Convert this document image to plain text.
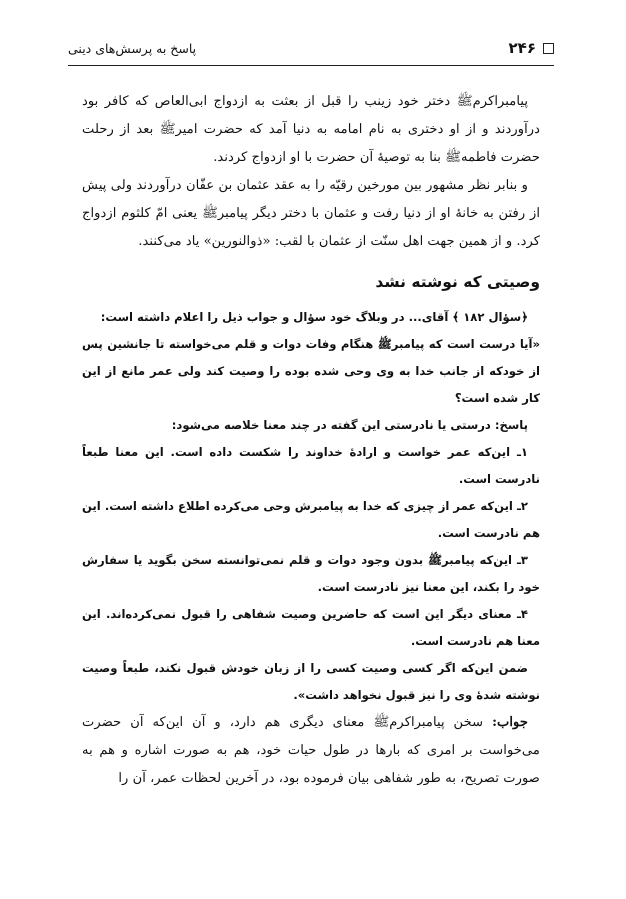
۲۴۶
پاسخ به پرسش‌های دینی

پیامبراکرمﷺ دختر خود زینب را قبل از بعثت به ازدواج ابی‌العاص که کافر بود درآوردند و از او دختری به نام امامه به دنیا آمد که حضرت امیرﷺ بعد از رحلت حضرت فاطمهﷺ بنا به توصیهٔ آن حضرت با او ازدواج کردند.

و بنابر نظر مشهور بین مورخین رقیّه را به عقد عثمان بن عفّان درآوردند ولی پیش از رفتن به خانهٔ او از دنیا رفت و عثمان با دختر دیگر پیامبرﷺ یعنی امّ کلثوم ازدواج کرد. و از همین جهت اهل سنّت از عثمان با لقب: «ذوالنورین» یاد می‌کنند.

وصیتی که نوشته نشد

﴿سؤال ۱۸۲ ﴾ آقای... در وبلاگ خود سؤال و جواب ذیل را اعلام داشته است:

«آیا درست است که پیامبرﷺ هنگام وفات دوات و قلم می‌خواسته تا جانشین پس از خودکه از جانب خدا به وی وحی شده بوده را وصیت کند ولی عمر مانع از این کار شده است؟

پاسخ: درستی یا نادرستی این گفته در چند معنا خلاصه می‌شود:

۱ـ این‌که عمر خواست و ارادهٔ خداوند را شکست داده است. این معنا طبعاً نادرست است.

۲ـ این‌که عمر از چیزی که خدا به پیامبرش وحی می‌کرده اطلاع داشته است. این هم نادرست است.

۳ـ این‌که پیامبرﷺ بدون وجود دوات و قلم نمی‌توانسته سخن بگوید یا سفارش خود را بکند، این معنا نیز نادرست است.

۴ـ معنای دیگر این است که حاضرین وصیت شفاهی را قبول نمی‌کرده‌اند. این معنا هم نادرست است.

ضمن این‌که اگر کسی وصیت کسی را از زبان خودش قبول نکند، طبعاً وصیت نوشته شدهٔ وی را نیز قبول نخواهد داشت».

جواب: سخن پیامبراکرمﷺ معنای دیگری هم دارد، و آن این‌که آن حضرت می‌خواست بر امری که بارها در طول حیات خود، هم به صورت اشاره و هم به صورت تصریح، به طور شفاهی بیان فرموده بود، در آخرین لحظات عمر، آن را
